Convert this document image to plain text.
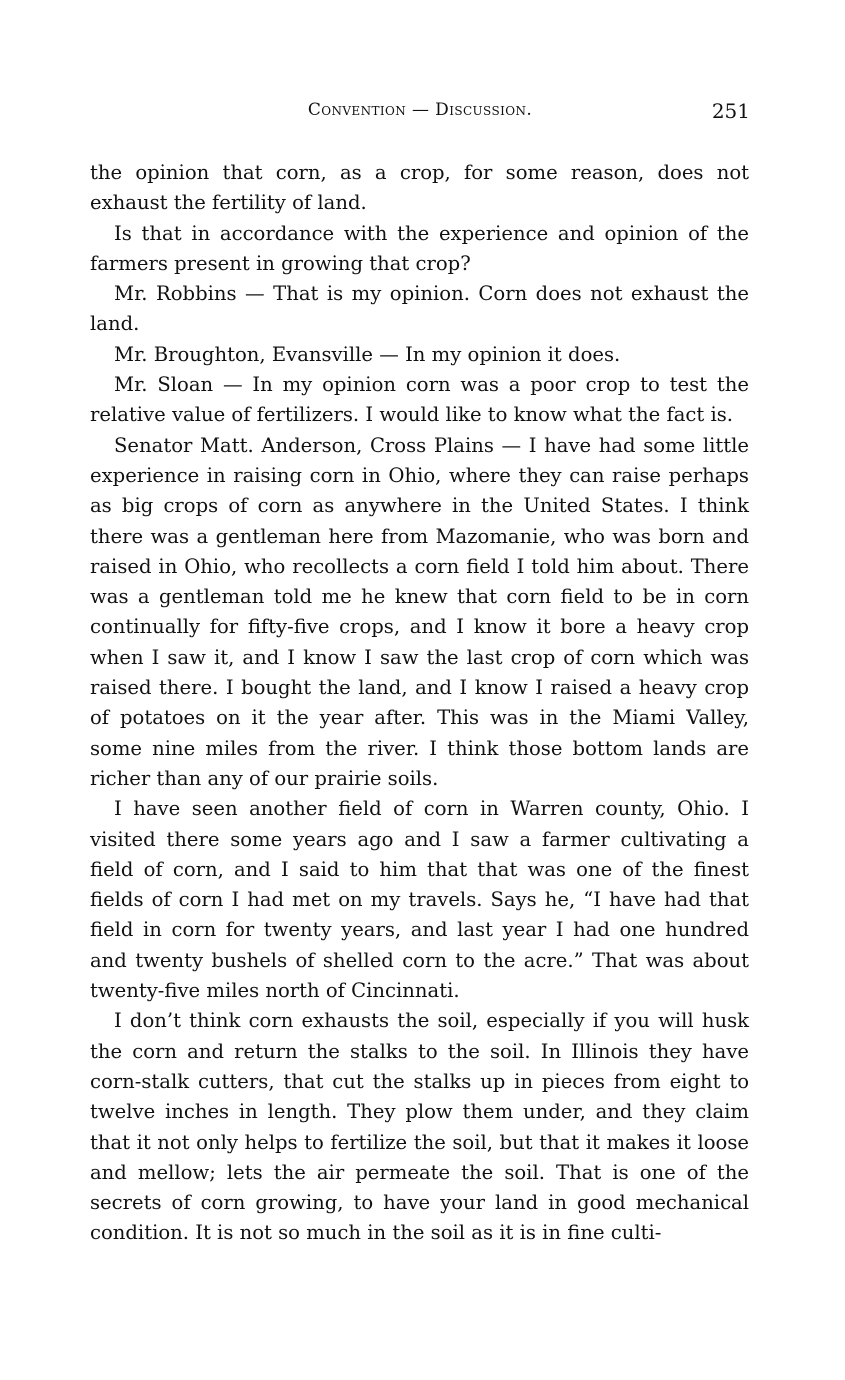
Convention — Discussion.	251

the opinion that corn, as a crop, for some reason, does not exhaust the fertility of land.

Is that in accordance with the experience and opinion of the farmers present in growing that crop?

Mr. Robbins — That is my opinion. Corn does not exhaust the land.

Mr. Broughton, Evansville — In my opinion it does.

Mr. Sloan — In my opinion corn was a poor crop to test the relative value of fertilizers. I would like to know what the fact is.

Senator Matt. Anderson, Cross Plains — I have had some little experience in raising corn in Ohio, where they can raise perhaps as big crops of corn as anywhere in the United States. I think there was a gentleman here from Mazomanie, who was born and raised in Ohio, who recollects a corn field I told him about. There was a gentleman told me he knew that corn field to be in corn continually for fifty-five crops, and I know it bore a heavy crop when I saw it, and I know I saw the last crop of corn which was raised there. I bought the land, and I know I raised a heavy crop of potatoes on it the year after. This was in the Miami Valley, some nine miles from the river. I think those bottom lands are richer than any of our prairie soils.

I have seen another field of corn in Warren county, Ohio. I visited there some years ago and I saw a farmer cultivating a field of corn, and I said to him that that was one of the finest fields of corn I had met on my travels. Says he, “I have had that field in corn for twenty years, and last year I had one hundred and twenty bushels of shelled corn to the acre.” That was about twenty-five miles north of Cincinnati.

I don’t think corn exhausts the soil, especially if you will husk the corn and return the stalks to the soil. In Illinois they have corn-stalk cutters, that cut the stalks up in pieces from eight to twelve inches in length. They plow them under, and they claim that it not only helps to fertilize the soil, but that it makes it loose and mellow; lets the air permeate the soil. That is one of the secrets of corn growing, to have your land in good mechanical condition. It is not so much in the soil as it is in fine culti-
